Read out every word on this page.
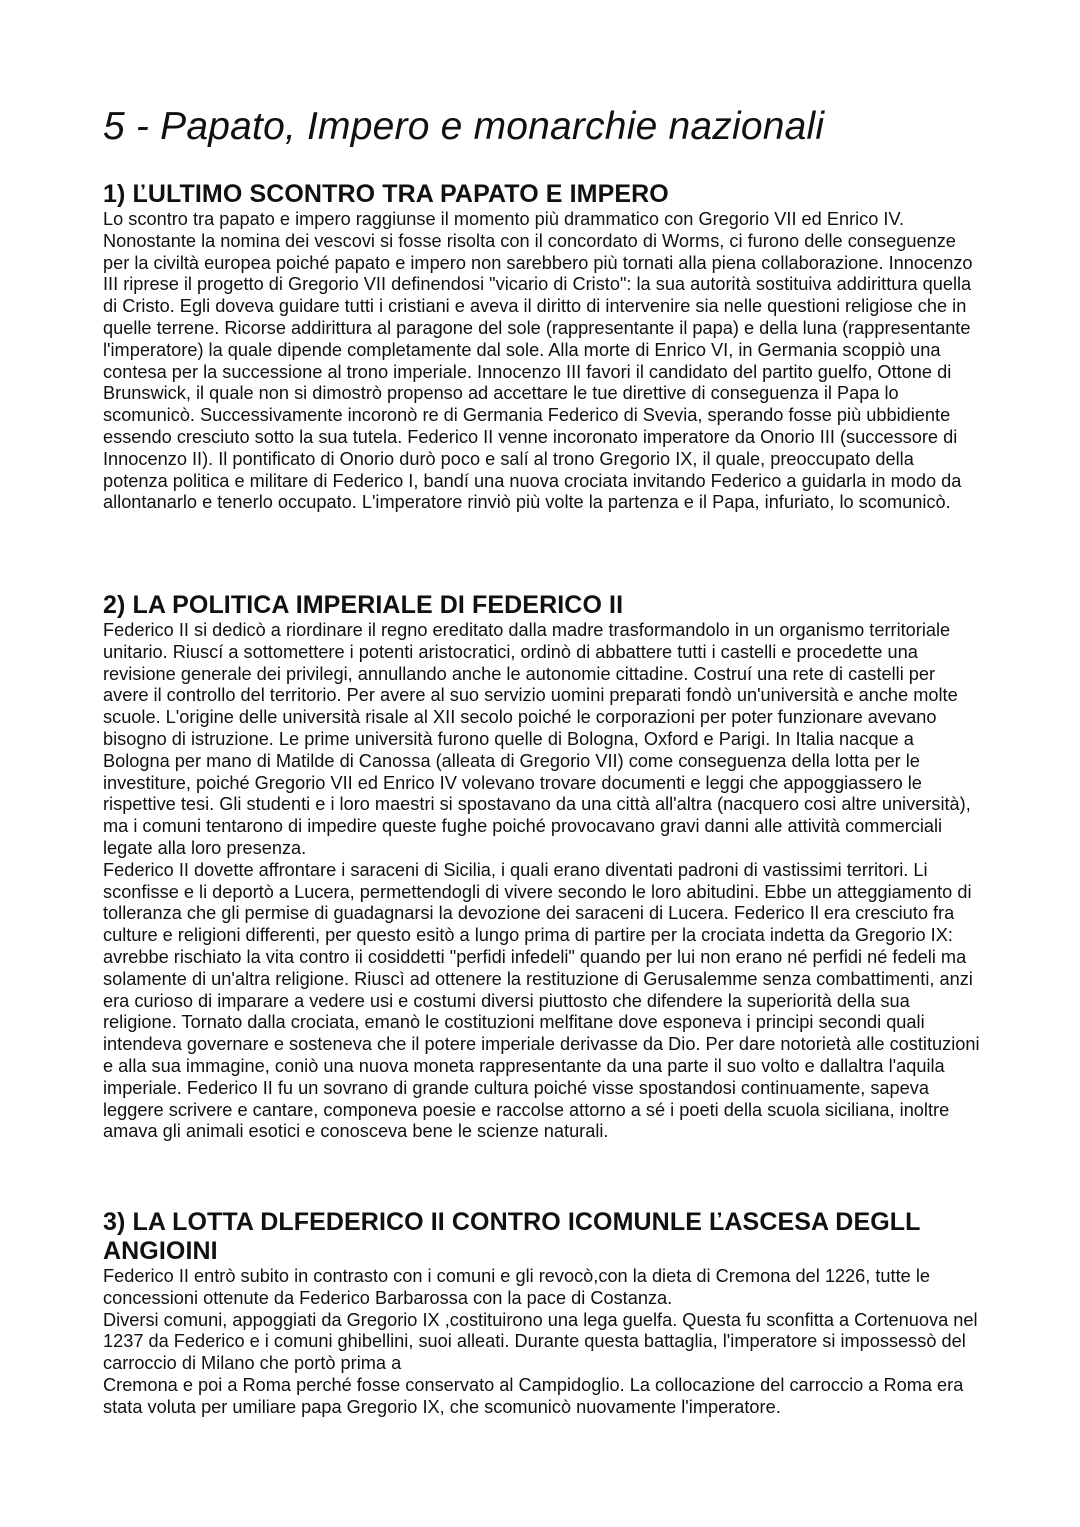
5 - Papato, Impero e monarchie nazionali
1) ĽULTIMO SCONTRO TRA PAPATO E IMPERO

Lo scontro tra papato e impero raggiunse il momento più drammatico con Gregorio VII ed Enrico IV. Nonostante la nomina dei vescovi si fosse risolta con il concordato di Worms, ci furono delle conseguenze per la civiltà europea poiché papato e impero non sarebbero più tornati alla piena collaborazione. Innocenzo III riprese il progetto di Gregorio VII definendosi "vicario di Cristo": la sua autorità sostituiva addirittura quella di Cristo. Egli doveva guidare tutti i cristiani e aveva il diritto di intervenire sia nelle questioni religiose che in quelle terrene. Ricorse addirittura al paragone del sole (rappresentante il papa) e della luna (rappresentante l'imperatore) la quale dipende completamente dal sole. Alla morte di Enrico VI, in Germania scoppiò una contesa per la successione al trono imperiale. Innocenzo III favori il candidato del partito guelfo, Ottone di Brunswick, il quale non si dimostrò propenso ad accettare le tue direttive di conseguenza il Papa lo scomunicò. Successivamente incoronò re di Germania Federico di Svevia, sperando fosse più ubbidiente essendo cresciuto sotto la sua tutela. Federico II venne incoronato imperatore da Onorio III (successore di Innocenzo II). Il pontificato di Onorio durò poco e salí al trono Gregorio IX, il quale, preoccupato della potenza politica e militare di Federico I, bandí una nuova crociata invitando Federico a guidarla in modo da allontanarlo e tenerlo occupato. L'imperatore rinviò più volte la partenza e il Papa, infuriato, lo scomunicò.

2) LA POLITICA IMPERIALE DI FEDERICO II

Federico II si dedicò a riordinare il regno ereditato dalla madre trasformandolo in un organismo territoriale unitario. Riuscí a sottomettere i potenti aristocratici, ordinò di abbattere tutti i castelli e procedette una revisione generale dei privilegi, annullando anche le autonomie cittadine. Costruí una rete di castelli per avere il controllo del territorio. Per avere al suo servizio uomini preparati fondò un'università e anche molte scuole. L'origine delle università risale al XII secolo poiché le corporazioni per poter funzionare avevano bisogno di istruzione. Le prime università furono quelle di Bologna, Oxford e Parigi. In Italia nacque a Bologna per mano di Matilde di Canossa (alleata di Gregorio VII) come conseguenza della lotta per le investiture, poiché Gregorio VII ed Enrico IV volevano trovare documenti e leggi che appoggiassero le rispettive tesi. Gli studenti e i loro maestri si spostavano da una città all'altra (nacquero cosi altre università), ma i comuni tentarono di impedire queste fughe poiché provocavano gravi danni alle attività commerciali legate alla loro presenza.

Federico II dovette affrontare i saraceni di Sicilia, i quali erano diventati padroni di vastissimi territori. Li sconfisse e li deportò a Lucera, permettendogli di vivere secondo le loro abitudini. Ebbe un atteggiamento di tolleranza che gli permise di guadagnarsi la devozione dei saraceni di Lucera. Federico Il era cresciuto fra culture e religioni differenti, per questo esitò a lungo prima di partire per la crociata indetta da Gregorio IX: avrebbe rischiato la vita contro ii cosiddetti "perfidi infedeli" quando per lui non erano né perfidi né fedeli ma solamente di un'altra religione. Riuscì ad ottenere la restituzione di Gerusalemme senza combattimenti, anzi era curioso di imparare a vedere usi e costumi diversi piuttosto che difendere la superiorità della sua religione. Tornato dalla crociata, emanò le costituzioni melfitane dove esponeva i principi secondi quali intendeva governare e sosteneva che il potere imperiale derivasse da Dio. Per dare notorietà alle costituzioni e alla sua immagine, coniò una nuova moneta rappresentante da una parte il suo volto e dallaltra l'aquila imperiale. Federico II fu un sovrano di grande cultura poiché visse spostandosi continuamente, sapeva leggere scrivere e cantare, componeva poesie e raccolse attorno a sé i poeti della scuola siciliana, inoltre amava gli animali esotici e conosceva bene le scienze naturali.

3) LA LOTTA DLFEDERICO II CONTRO ICOMUNLE ĽASCESA DEGLL ANGIOINI

Federico II entrò subito in contrasto con i comuni e gli revocò,con la dieta di Cremona del 1226, tutte le concessioni ottenute da Federico Barbarossa con la pace di Costanza.

Diversi comuni, appoggiati da Gregorio IX ,costituirono una lega guelfa. Questa fu sconfitta a Cortenuova nel 1237 da Federico e i comuni ghibellini, suoi alleati. Durante questa battaglia, l'imperatore si impossessò del carroccio di Milano che portò prima a

Cremona e poi a Roma perché fosse conservato al Campidoglio. La collocazione del carroccio a Roma era stata voluta per umiliare papa Gregorio IX, che scomunicò nuovamente l'imperatore.
